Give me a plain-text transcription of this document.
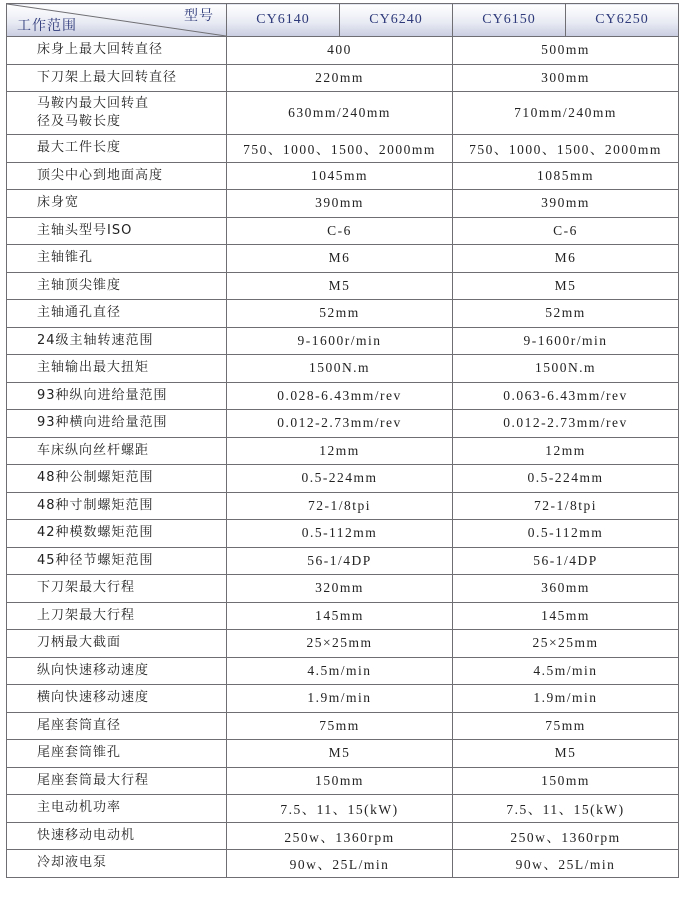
型号
工作范围	CY6140	CY6240	CY6150	CY6250
床身上最大回转直径	400		500mm	
下刀架上最大回转直径	220mm		300mm	
马鞍内最大回转直径及马鞍长度	630mm/240mm		710mm/240mm	
最大工件长度	750、1000、1500、2000mm		750、1000、1500、2000mm	
顶尖中心到地面高度	1045mm		1085mm	
床身宽	390mm		390mm	
主轴头型号ISO	C-6		C-6	
主轴锥孔	M6		M6	
主轴顶尖锥度	M5		M5	
主轴通孔直径	52mm		52mm	
24级主轴转速范围	9-1600r/min		9-1600r/min	
主轴输出最大扭矩	1500N.m		1500N.m	
93种纵向进给量范围	0.028-6.43mm/rev		0.063-6.43mm/rev	
93种横向进给量范围	0.012-2.73mm/rev		0.012-2.73mm/rev	
车床纵向丝杆螺距	12mm		12mm	
48种公制螺矩范围	0.5-224mm		0.5-224mm	
48种寸制螺矩范围	72-1/8tpi		72-1/8tpi	
42种模数螺矩范围	0.5-112mm		0.5-112mm	
45种径节螺矩范围	56-1/4DP		56-1/4DP	
下刀架最大行程	320mm		360mm	
上刀架最大行程	145mm		145mm	
刀柄最大截面	25×25mm		25×25mm	
纵向快速移动速度	4.5m/min		4.5m/min	
横向快速移动速度	1.9m/min		1.9m/min	
尾座套筒直径	75mm		75mm	
尾座套筒锥孔	M5		M5	
尾座套筒最大行程	150mm		150mm	
主电动机功率	7.5、11、15(kW)		7.5、11、15(kW)	
快速移动电动机	250w、1360rpm		250w、1360rpm	
冷却液电泵	90w、25L/min		90w、25L/min	
